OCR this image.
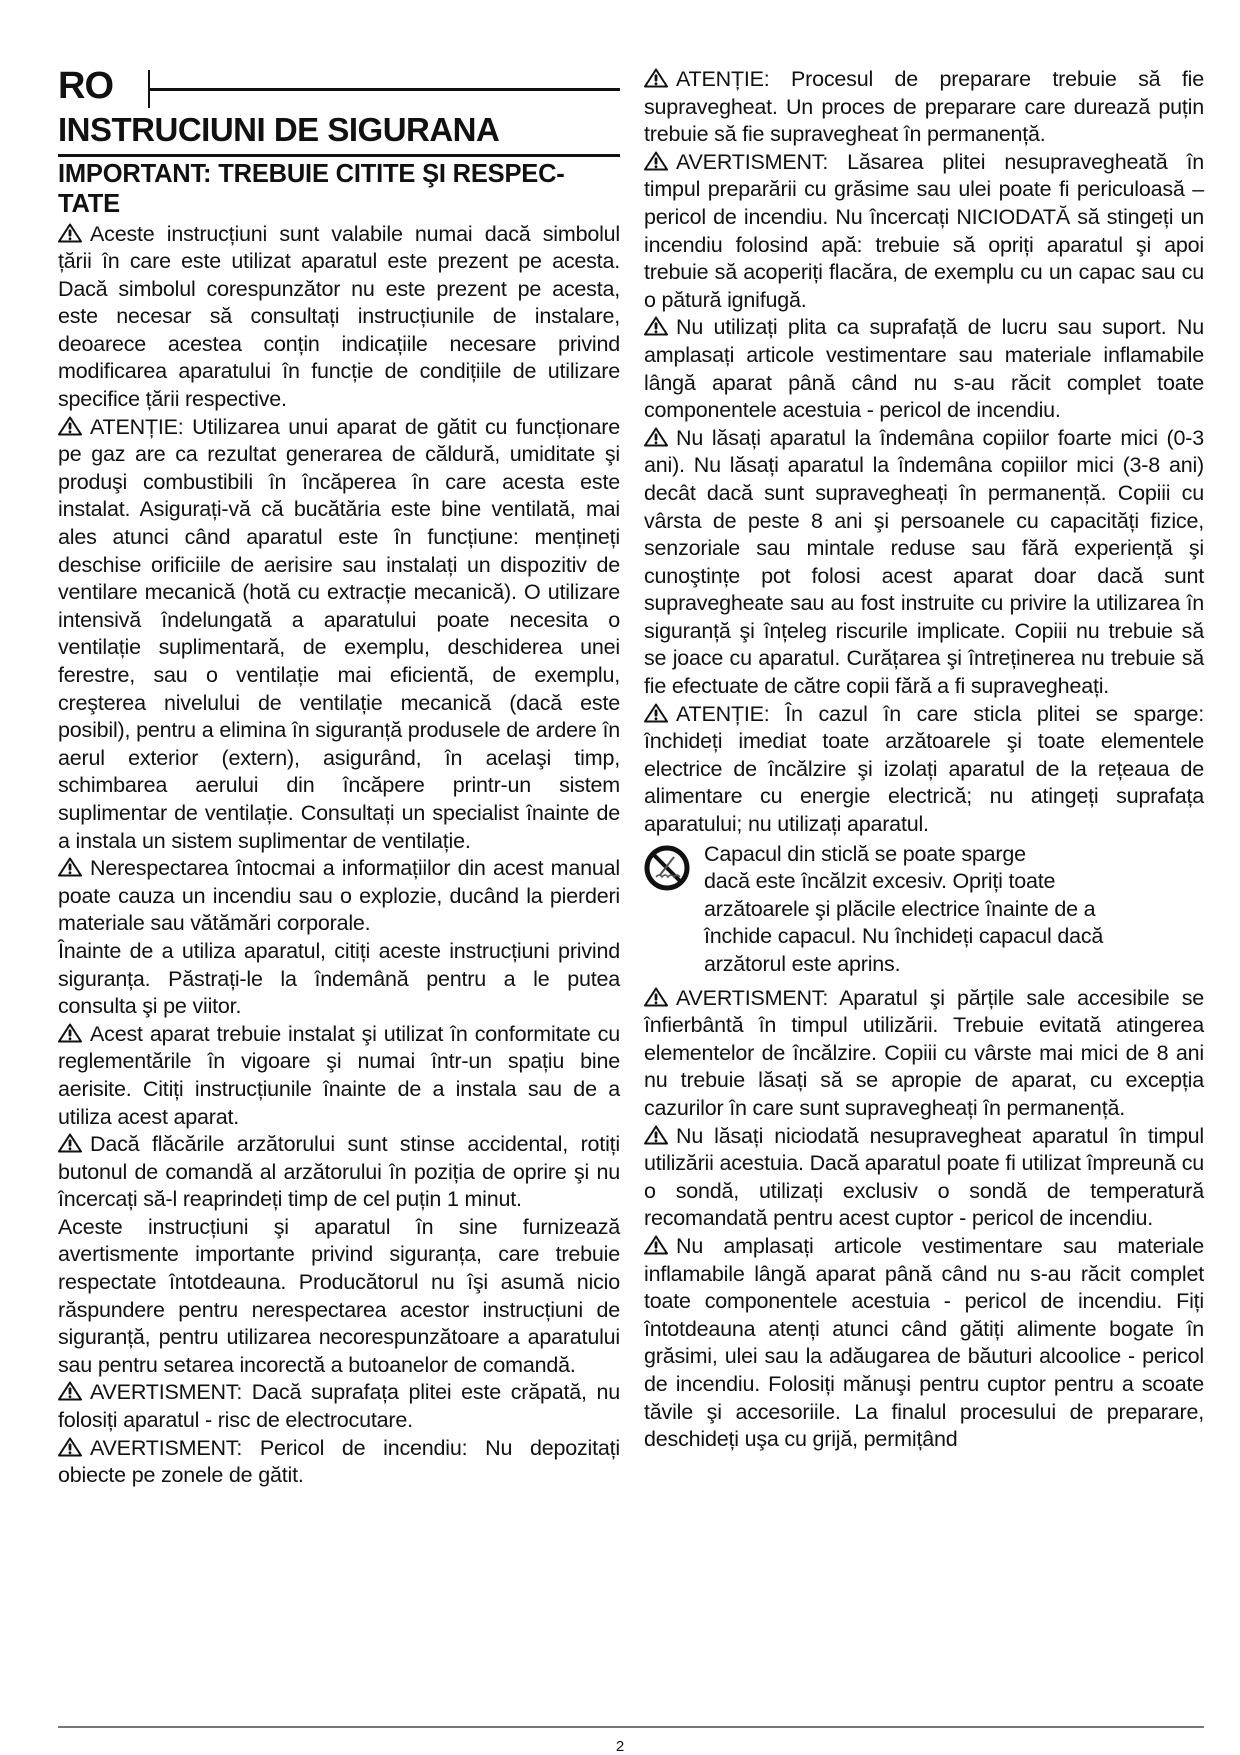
RO
INSTRUCIUNI DE SIGURANA
IMPORTANT: TREBUIE CITITE ŞI RESPEC- TATE

Aceste instrucțiuni sunt valabile numai dacă simbolul țării în care este utilizat aparatul este prezent pe acesta. Dacă simbolul corespunzător nu este prezent pe acesta, este necesar să consultați instrucțiunile de instalare, deoarece acestea conțin indicațiile necesare privind modificarea aparatului în funcție de condițiile de utilizare specifice țării respective.

ATENȚIE: Utilizarea unui aparat de gătit cu funcționare pe gaz are ca rezultat generarea de căldură, umiditate şi produşi combustibili în încăperea în care acesta este instalat. Asigurați-vă că bucătăria este bine ventilată, mai ales atunci când aparatul este în funcțiune: mențineți deschise orificiile de aerisire sau instalați un dispozitiv de ventilare mecanică (hotă cu extracție mecanică). O utilizare intensivă îndelungată a aparatului poate necesita o ventilație suplimentară, de exemplu, deschiderea unei ferestre, sau o ventilație mai eficientă, de exemplu, creşterea nivelului de ventilație mecanică (dacă este posibil), pentru a elimina în siguranță produsele de ardere în aerul exterior (extern), asigurând, în acelaşi timp, schimbarea aerului din încăpere printr-un sistem suplimentar de ventilație. Consultați un specialist înainte de a instala un sistem suplimentar de ventilație.

Nerespectarea întocmai a informațiilor din acest manual poate cauza un incendiu sau o explozie, ducând la pierderi materiale sau vătămări corporale.

Înainte de a utiliza aparatul, citiți aceste instrucțiuni privind siguranța. Păstrați-le la îndemână pentru a le putea consulta şi pe viitor.

Acest aparat trebuie instalat şi utilizat în conformitate cu reglementările în vigoare şi numai într-un spațiu bine aerisite. Citiți instrucțiunile înainte de a instala sau de a utiliza acest aparat.

Dacă flăcările arzătorului sunt stinse accidental, rotiți butonul de comandă al arzătorului în poziția de oprire şi nu încercați să-l reaprindeți timp de cel puțin 1 minut.

Aceste instrucțiuni şi aparatul în sine furnizează avertismente importante privind siguranța, care trebuie respectate întotdeauna. Producătorul nu îşi asumă nicio răspundere pentru nerespectarea acestor instrucțiuni de siguranță, pentru utilizarea necorespunzătoare a aparatului sau pentru setarea incorectă a butoanelor de comandă.

AVERTISMENT: Dacă suprafața plitei este crăpată, nu folosiți aparatul - risc de electrocutare.

AVERTISMENT: Pericol de incendiu: Nu depozitați obiecte pe zonele de gătit.

ATENȚIE: Procesul de preparare trebuie să fie supravegheat. Un proces de preparare care durează puțin trebuie să fie supravegheat în permanență.

AVERTISMENT: Lăsarea plitei nesupravegheată în timpul preparării cu grăsime sau ulei poate fi periculoasă – pericol de incendiu. Nu încercați NICIODATĂ să stingeți un incendiu folosind apă: trebuie să opriți aparatul şi apoi trebuie să acoperiți flacăra, de exemplu cu un capac sau cu o pătură ignifugă.

Nu utilizați plita ca suprafață de lucru sau suport. Nu amplasați articole vestimentare sau materiale inflamabile lângă aparat până când nu s-au răcit complet toate componentele acestuia - pericol de incendiu.

Nu lăsați aparatul la îndemâna copiilor foarte mici (0-3 ani). Nu lăsați aparatul la îndemâna copiilor mici (3-8 ani) decât dacă sunt supravegheați în permanență. Copiii cu vârsta de peste 8 ani şi persoanele cu capacități fizice, senzoriale sau mintale reduse sau fără experiență şi cunoştințe pot folosi acest aparat doar dacă sunt supravegheate sau au fost instruite cu privire la utilizarea în siguranță şi înțeleg riscurile implicate. Copiii nu trebuie să se joace cu aparatul. Curățarea şi întreținerea nu trebuie să fie efectuate de către copii fără a fi supravegheați.

ATENȚIE: În cazul în care sticla plitei se sparge: închideți imediat toate arzătoarele şi toate elementele electrice de încălzire şi izolați aparatul de la rețeaua de alimentare cu energie electrică; nu atingeți suprafața aparatului; nu utilizați aparatul.

Capacul din sticlă se poate sparge
dacă este încălzit excesiv. Opriți toate
arzătoarele şi plăcile electrice înainte de a
închide capacul. Nu închideți capacul dacă
arzătorul este aprins.

AVERTISMENT: Aparatul şi părțile sale accesibile se înfierbântă în timpul utilizării. Trebuie evitată atingerea elementelor de încălzire. Copiii cu vârste mai mici de 8 ani nu trebuie lăsați să se apropie de aparat, cu excepția cazurilor în care sunt supravegheați în permanență.

Nu lăsați niciodată nesupravegheat aparatul în timpul utilizării acestuia. Dacă aparatul poate fi utilizat împreună cu o sondă, utilizați exclusiv o sondă de temperatură recomandată pentru acest cuptor - pericol de incendiu.

Nu amplasați articole vestimentare sau materiale inflamabile lângă aparat până când nu s-au răcit complet toate componentele acestuia - pericol de incendiu. Fiți întotdeauna atenți atunci când gătiți alimente bogate în grăsimi, ulei sau la adăugarea de băuturi alcoolice - pericol de incendiu. Folosiți mănuşi pentru cuptor pentru a scoate tăvile şi accesoriile. La finalul procesului de preparare, deschideți uşa cu grijă, permițând

2
